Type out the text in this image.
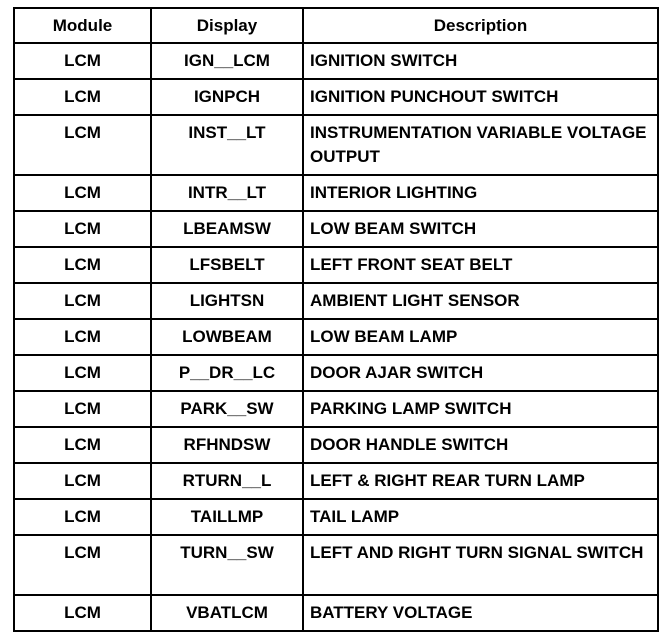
Module	Display	Description
LCM	IGN__LCM	IGNITION SWITCH
LCM	IGNPCH	IGNITION PUNCHOUT SWITCH
LCM	INST__LT	INSTRUMENTATION VARIABLE VOLTAGE OUTPUT
LCM	INTR__LT	INTERIOR LIGHTING
LCM	LBEAMSW	LOW BEAM SWITCH
LCM	LFSBELT	LEFT FRONT SEAT BELT
LCM	LIGHTSN	AMBIENT LIGHT SENSOR
LCM	LOWBEAM	LOW BEAM LAMP
LCM	P__DR__LC	DOOR AJAR SWITCH
LCM	PARK__SW	PARKING LAMP SWITCH
LCM	RFHNDSW	DOOR HANDLE SWITCH
LCM	RTURN__L	LEFT & RIGHT REAR TURN LAMP
LCM	TAILLMP	TAIL LAMP
LCM	TURN__SW	LEFT AND RIGHT TURN SIGNAL SWITCH
LCM	VBATLCM	BATTERY VOLTAGE
